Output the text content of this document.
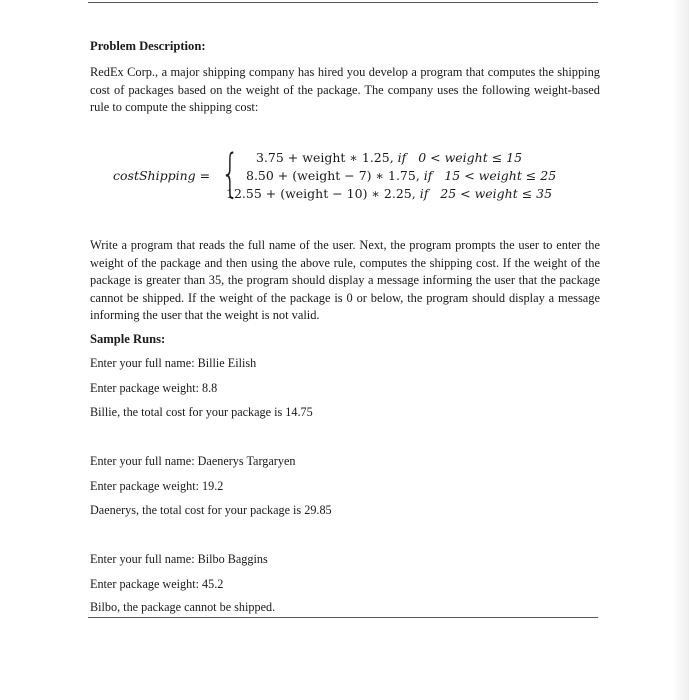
Problem Description:
RedEx Corp., a major shipping company has hired you develop a program that computes the shipping cost of packages based on the weight of the package. The company uses the following weight-based rule to compute the shipping cost:
costShipping = { 3.75 + weight ∗ 1.25, if   0 < weight ≤ 15
8.50 + (weight − 7) ∗ 1.75, if   15 < weight ≤ 25
12.55 + (weight − 10) ∗ 2.25, if   25 < weight ≤ 35
Write a program that reads the full name of the user. Next, the program prompts the user to enter the weight of the package and then using the above rule, computes the shipping cost. If the weight of the package is greater than 35, the program should display a message informing the user that the package cannot be shipped. If the weight of the package is 0 or below, the program should display a message informing the user that the weight is not valid.
Sample Runs:
Enter your full name: Billie Eilish
Enter package weight: 8.8
Billie, the total cost for your package is 14.75
Enter your full name: Daenerys Targaryen
Enter package weight: 19.2
Daenerys, the total cost for your package is 29.85
Enter your full name: Bilbo Baggins
Enter package weight: 45.2
Bilbo, the package cannot be shipped.
